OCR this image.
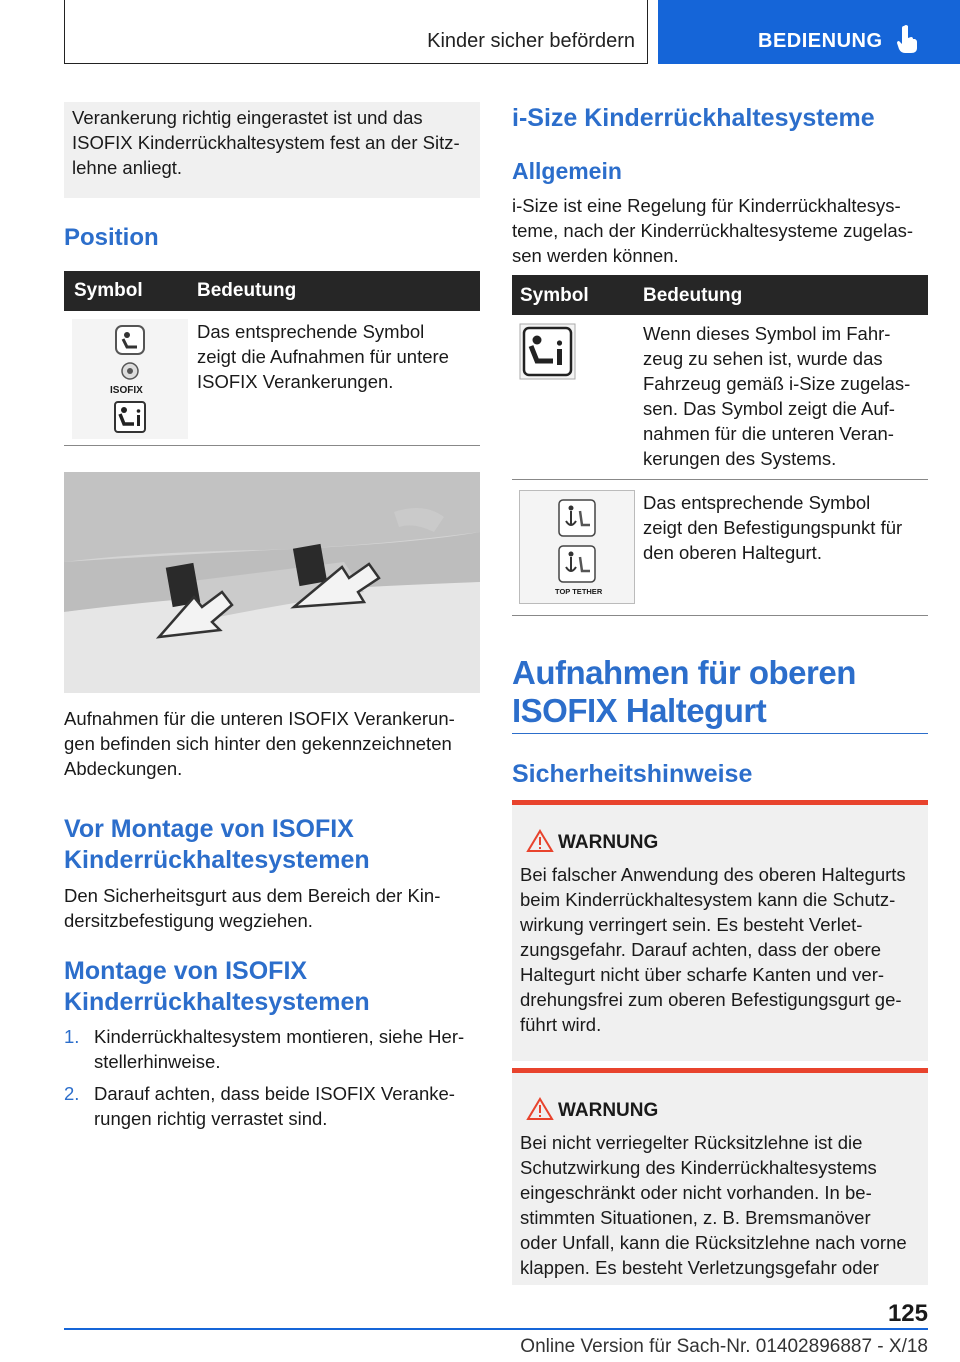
Kinder sicher befördern	BEDIENUNG
Verankerung richtig eingerastet ist und das
ISOFIX Kinderrückhaltesystem fest an der Sitz-
lehne anliegt.
Position
Symbol	Bedeutung
ISOFIX
Das entsprechende Symbol
zeigt die Aufnahmen für untere
ISOFIX Verankerungen.
Aufnahmen für die unteren ISOFIX Verankerun-
gen befinden sich hinter den gekennzeichneten
Abdeckungen.
Vor Montage von ISOFIX
Kinderrückhaltesystemen
Den Sicherheitsgurt aus dem Bereich der Kin-
dersitzbefestigung wegziehen.
Montage von ISOFIX
Kinderrückhaltesystemen
1. Kinderrückhaltesystem montieren, siehe Her-
stellerhinweise.
2. Darauf achten, dass beide ISOFIX Veranke-
rungen richtig verrastet sind.
i-Size Kinderrückhaltesysteme
Allgemein
i-Size ist eine Regelung für Kinderrückhaltesys-
teme, nach der Kinderrückhaltesysteme zugelas-
sen werden können.
Symbol	Bedeutung
Wenn dieses Symbol im Fahr-
zeug zu sehen ist, wurde das
Fahrzeug gemäß i-Size zugelas-
sen. Das Symbol zeigt die Auf-
nahmen für die unteren Veran-
kerungen des Systems.
TOP TETHER
Das entsprechende Symbol
zeigt den Befestigungspunkt für
den oberen Haltegurt.
Aufnahmen für oberen
ISOFIX Haltegurt
Sicherheitshinweise
WARNUNG
Bei falscher Anwendung des oberen Haltegurts
beim Kinderrückhaltesystem kann die Schutz-
wirkung verringert sein. Es besteht Verlet-
zungsgefahr. Darauf achten, dass der obere
Haltegurt nicht über scharfe Kanten und ver-
drehungsfrei zum oberen Befestigungsgurt ge-
führt wird.
WARNUNG
Bei nicht verriegelter Rücksitzlehne ist die
Schutzwirkung des Kinderrückhaltesystems
eingeschränkt oder nicht vorhanden. In be-
stimmten Situationen, z. B. Bremsmanöver
oder Unfall, kann die Rücksitzlehne nach vorne
klappen. Es besteht Verletzungsgefahr oder
125
Online Version für Sach-Nr. 01402896887 - X/18
